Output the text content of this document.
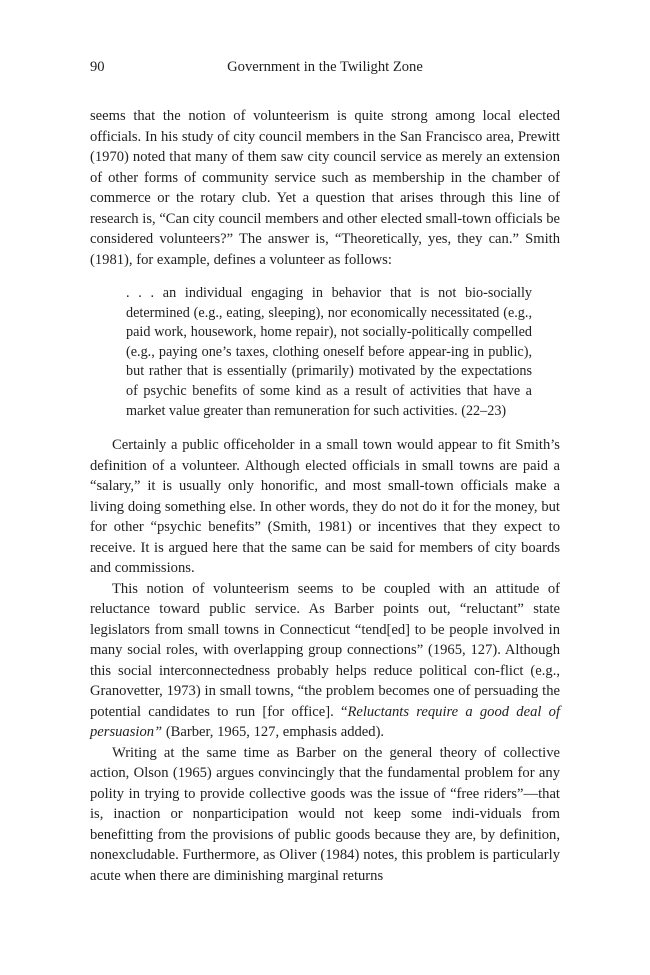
90	Government in the Twilight Zone

seems that the notion of volunteerism is quite strong among local elected officials. In his study of city council members in the San Francisco area, Prewitt (1970) noted that many of them saw city council service as merely an extension of other forms of community service such as membership in the chamber of commerce or the rotary club. Yet a question that arises through this line of research is, “Can city council members and other elected small-town officials be considered volunteers?” The answer is, “Theoretically, yes, they can.” Smith (1981), for example, defines a volunteer as follows:

. . . an individual engaging in behavior that is not bio-socially determined (e.g., eating, sleeping), nor economically necessitated (e.g., paid work, housework, home repair), not socially-politically compelled (e.g., paying one’s taxes, clothing oneself before appear-ing in public), but rather that is essentially (primarily) motivated by the expectations of psychic benefits of some kind as a result of activities that have a market value greater than remuneration for such activities. (22–23)

Certainly a public officeholder in a small town would appear to fit Smith’s definition of a volunteer. Although elected officials in small towns are paid a “salary,” it is usually only honorific, and most small-town officials make a living doing something else. In other words, they do not do it for the money, but for other “psychic benefits” (Smith, 1981) or incentives that they expect to receive. It is argued here that the same can be said for members of city boards and commissions.

This notion of volunteerism seems to be coupled with an attitude of reluctance toward public service. As Barber points out, “reluctant” state legislators from small towns in Connecticut “tend[ed] to be people involved in many social roles, with overlapping group connections” (1965, 127). Although this social interconnectedness probably helps reduce political con-flict (e.g., Granovetter, 1973) in small towns, “the problem becomes one of persuading the potential candidates to run [for office]. “Reluctants require a good deal of persuasion” (Barber, 1965, 127, emphasis added).

Writing at the same time as Barber on the general theory of collective action, Olson (1965) argues convincingly that the fundamental problem for any polity in trying to provide collective goods was the issue of “free riders”—that is, inaction or nonparticipation would not keep some indi-viduals from benefitting from the provisions of public goods because they are, by definition, nonexcludable. Furthermore, as Oliver (1984) notes, this problem is particularly acute when there are diminishing marginal returns
